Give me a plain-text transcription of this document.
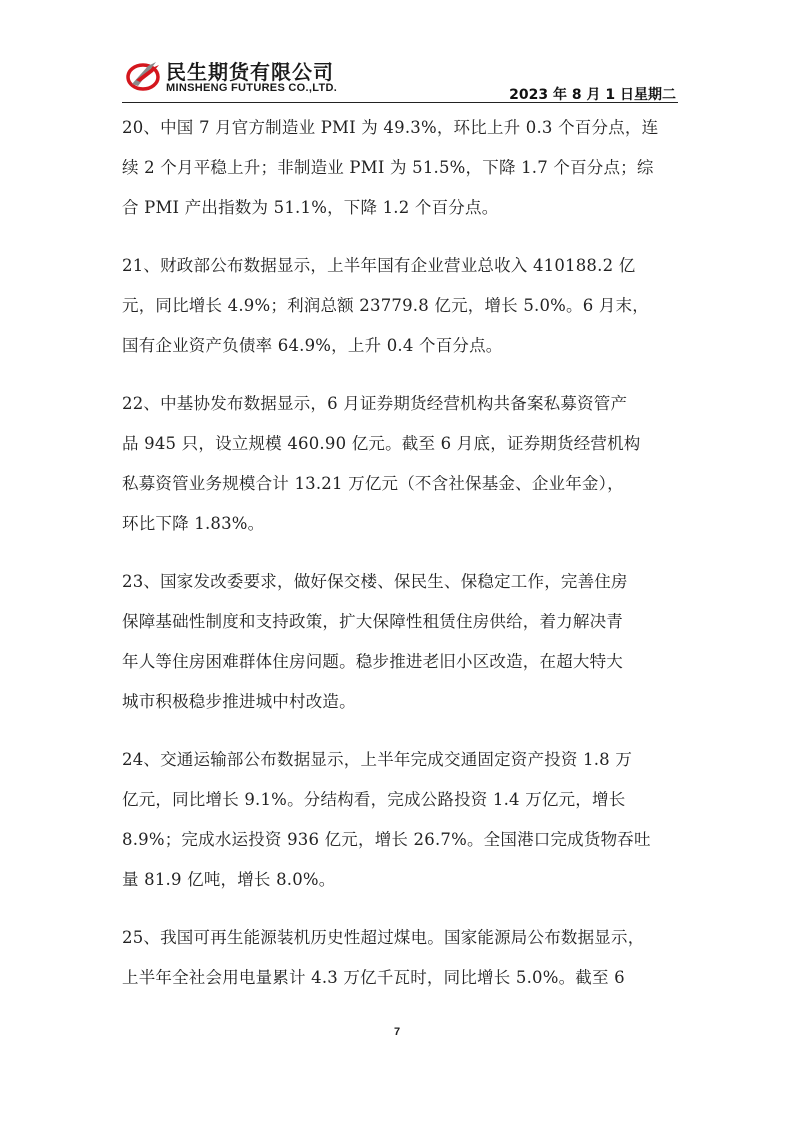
民生期货有限公司
MINSHENG FUTURES CO.,LTD.	2023 年 8 月 1 日星期二

20、中国 7 月官方制造业 PMI 为 49.3%，环比上升 0.3 个百分点，连
续 2 个月平稳上升；非制造业 PMI 为 51.5%，下降 1.7 个百分点；综
合 PMI 产出指数为 51.1%，下降 1.2 个百分点。

21、财政部公布数据显示，上半年国有企业营业总收入 410188.2 亿
元，同比增长 4.9%；利润总额 23779.8 亿元，增长 5.0%。6 月末，
国有企业资产负债率 64.9%，上升 0.4 个百分点。

22、中基协发布数据显示，6 月证券期货经营机构共备案私募资管产
品 945 只，设立规模 460.90 亿元。截至 6 月底，证券期货经营机构
私募资管业务规模合计 13.21 万亿元（不含社保基金、企业年金），
环比下降 1.83%。

23、国家发改委要求，做好保交楼、保民生、保稳定工作，完善住房
保障基础性制度和支持政策，扩大保障性租赁住房供给，着力解决青
年人等住房困难群体住房问题。稳步推进老旧小区改造，在超大特大
城市积极稳步推进城中村改造。

24、交通运输部公布数据显示，上半年完成交通固定资产投资 1.8 万
亿元，同比增长 9.1%。分结构看，完成公路投资 1.4 万亿元，增长
8.9%；完成水运投资 936 亿元，增长 26.7%。全国港口完成货物吞吐
量 81.9 亿吨，增长 8.0%。

25、我国可再生能源装机历史性超过煤电。国家能源局公布数据显示，
上半年全社会用电量累计 4.3 万亿千瓦时，同比增长 5.0%。截至 6

7
